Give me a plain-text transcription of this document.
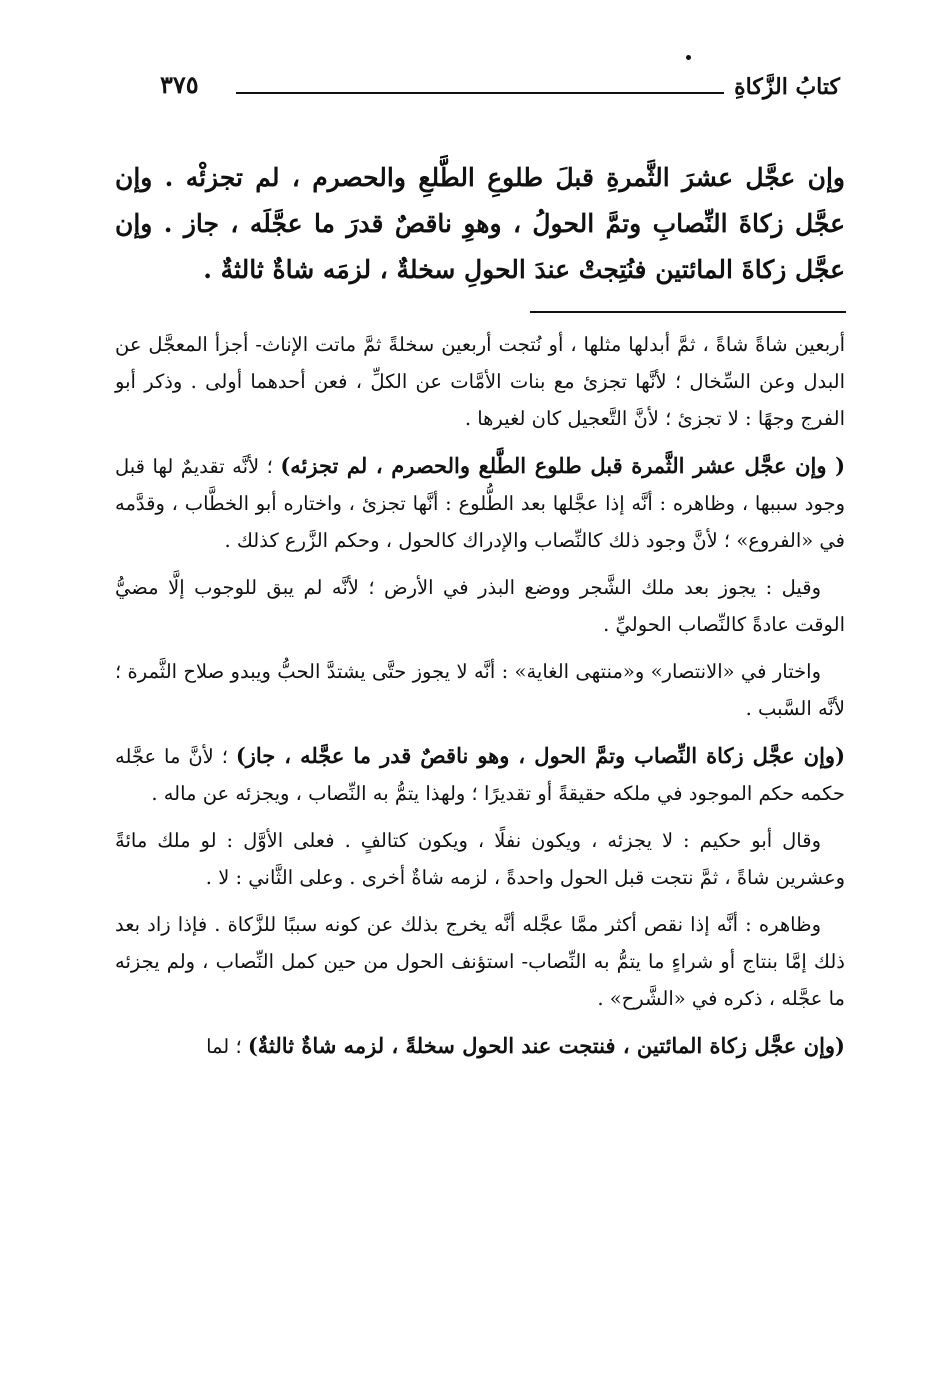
كتابُ الزَّكاةِ
٣٧٥
وإن عجَّل عشرَ الثَّمرةِ قبلَ طلوعِ الطَّلعِ والحصرم ، لم تجزئْه . وإن عجَّل زكاةَ النِّصابِ وتمَّ الحولُ ، وهوِ ناقصٌ قدرَ ما عجَّلَه ، جاز . وإن عجَّل زكاةَ المائتين فنُتِجتْ عندَ الحولِ سخلةٌ ، لزمَه شاةٌ ثالثةٌ .

أربعين شاةً شاةً ، ثمَّ أبدلها مثلها ، أو نُتجت أربعين سخلةً ثمَّ ماتت الإناث- أجزأ المعجَّل عن البدل وعن السِّخال ؛ لأنَّها تجزئ مع بنات الأمَّات عن الكلِّ ، فعن أحدهما أولى . وذكر أبو الفرج وجهًا : لا تجزئ ؛ لأنَّ التَّعجيل كان لغيرها .

( وإن عجَّل عشر الثَّمرة قبل طلوع الطَّلع والحصرم ، لم تجزئه) ؛ لأنَّه تقديمٌ لها قبل وجود سببها ، وظاهره : أنَّه إذا عجَّلها بعد الطُّلوع : أنَّها تجزئ ، واختاره أبو الخطَّاب ، وقدَّمه في «الفروع» ؛ لأنَّ وجود ذلك كالنِّصاب والإدراك كالحول ، وحكم الزَّرع كذلك .

وقيل : يجوز بعد ملك الشَّجر ووضع البذر في الأرض ؛ لأنَّه لم يبق للوجوب إلَّا مضيُّ الوقت عادةً كالنِّصاب الحوليِّ .

واختار في «الانتصار» و«منتهى الغاية» : أنَّه لا يجوز حتَّى يشتدَّ الحبُّ ويبدو صلاح الثَّمرة ؛ لأنَّه السَّبب .

(وإن عجَّل زكاة النِّصاب وتمَّ الحول ، وهو ناقصٌ قدر ما عجَّله ، جاز) ؛ لأنَّ ما عجَّله حكمه حكم الموجود في ملكه حقيقةً أو تقديرًا ؛ ولهذا يتمُّ به النِّصاب ، ويجزئه عن ماله .

وقال أبو حكيم : لا يجزئه ، ويكون نفلًا ، ويكون كتالفٍ . فعلى الأوَّل : لو ملك مائةً وعشرين شاةً ، ثمَّ نتجت قبل الحول واحدةً ، لزمه شاةٌ أخرى . وعلى الثَّاني : لا .

وظاهره : أنَّه إذا نقص أكثر ممَّا عجَّله أنَّه يخرج بذلك عن كونه سببًا للزَّكاة . فإذا زاد بعد ذلك إمَّا بنتاج أو شراءٍ ما يتمُّ به النِّصاب- استؤنف الحول من حين كمل النِّصاب ، ولم يجزئه ما عجَّله ، ذكره في «الشَّرح» .

(وإن عجَّل زكاة المائتين ، فنتجت عند الحول سخلةً ، لزمه شاةٌ ثالثةٌ) ؛ لما
